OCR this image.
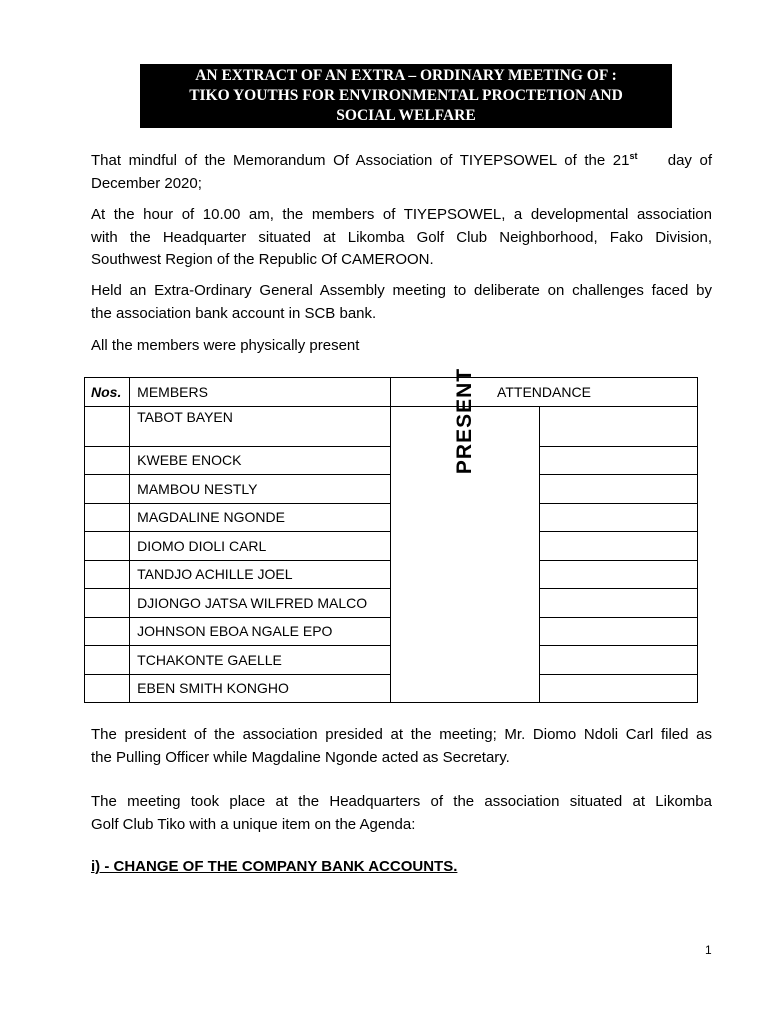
AN EXTRACT OF AN EXTRA – ORDINARY MEETING OF :
TIKO YOUTHS FOR ENVIRONMENTAL PROCTETION AND
SOCIAL WELFARE
That mindful of the Memorandum Of Association of TIYEPSOWEL of the 21st day of
December 2020;
At the hour of 10.00 am, the members of TIYEPSOWEL, a developmental association
with the Headquarter situated at Likomba Golf Club Neighborhood, Fako Division,
Southwest Region of the Republic Of CAMEROON.
Held an Extra-Ordinary General Assembly meeting to deliberate on challenges faced by
the association bank account in SCB bank.
All the members were physically present
Nos.	MEMBERS	ATTENDANCE	
	TABOT BAYEN	PRESENT	
	KWEBE ENOCK		
	MAMBOU NESTLY		
	MAGDALINE NGONDE		
	DIOMO DIOLI CARL		
	TANDJO ACHILLE JOEL		
	DJIONGO JATSA WILFRED MALCO		
	JOHNSON EBOA NGALE EPO		
	TCHAKONTE GAELLE		
	EBEN SMITH KONGHO		
The president of the association presided at the meeting; Mr. Diomo Ndoli Carl filed as
the Pulling Officer while Magdaline Ngonde acted as Secretary.
The meeting took place at the Headquarters of the association situated at Likomba
Golf Club Tiko with a unique item on the Agenda:
i) - CHANGE OF THE COMPANY BANK ACCOUNTS.
1
